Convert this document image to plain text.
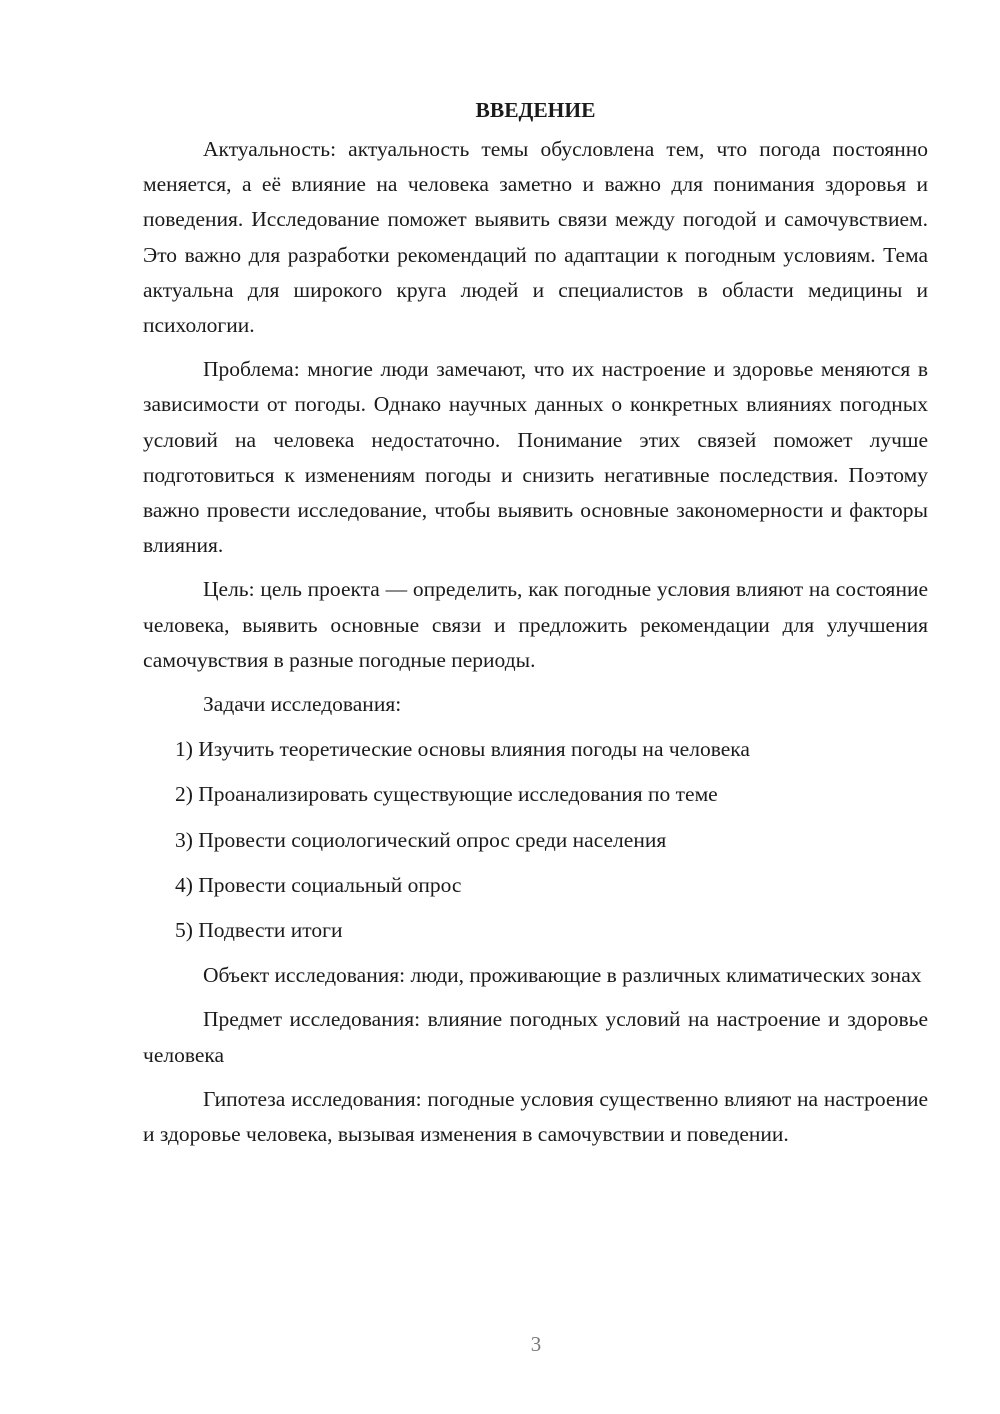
ВВЕДЕНИЕ

Актуальность: актуальность темы обусловлена тем, что погода постоянно меняется, а её влияние на человека заметно и важно для понимания здоровья и поведения. Исследование поможет выявить связи между погодой и самочувствием. Это важно для разработки рекомендаций по адаптации к погодным условиям. Тема актуальна для широкого круга людей и специалистов в области медицины и психологии.

Проблема: многие люди замечают, что их настроение и здоровье меняются в зависимости от погоды. Однако научных данных о конкретных влияниях погодных условий на человека недостаточно. Понимание этих связей поможет лучше подготовиться к изменениям погоды и снизить негативные последствия. Поэтому важно провести исследование, чтобы выявить основные закономерности и факторы влияния.

Цель: цель проекта — определить, как погодные условия влияют на состояние человека, выявить основные связи и предложить рекомендации для улучшения самочувствия в разные погодные периоды.

Задачи исследования:

1) Изучить теоретические основы влияния погоды на человека
2) Проанализировать существующие исследования по теме
3) Провести социологический опрос среди населения
4) Провести социальный опрос
5) Подвести итоги

Объект исследования: люди, проживающие в различных климатических зонах

Предмет исследования: влияние погодных условий на настроение и здоровье человека

Гипотеза исследования: погодные условия существенно влияют на настроение и здоровье человека, вызывая изменения в самочувствии и поведении.

3
